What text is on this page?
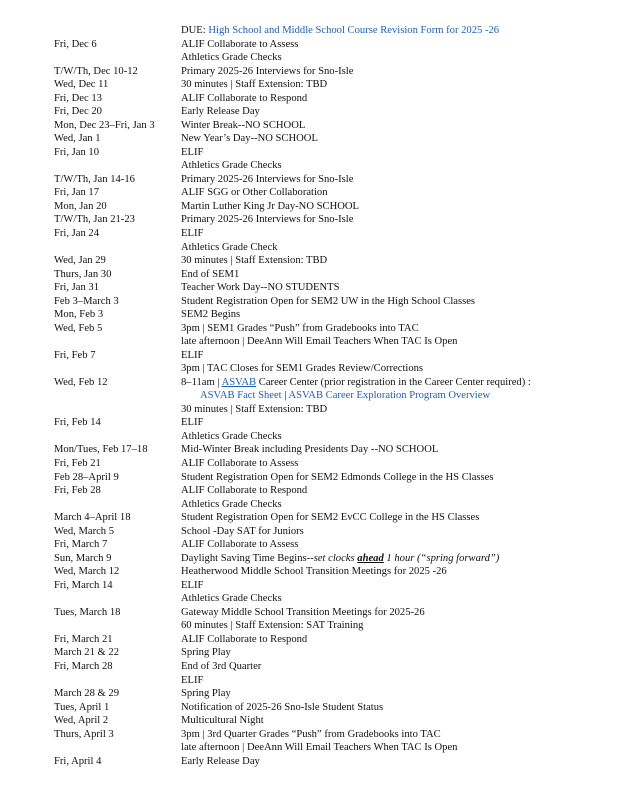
DUE: High School and Middle School Course Revision Form for 2025 -26
Fri, Dec 6	ALIF Collaborate to Assess
Athletics Grade Checks
T/W/Th, Dec 10-12	Primary 2025-26 Interviews for Sno-Isle
Wed, Dec 11	30 minutes | Staff Extension: TBD
Fri, Dec 13	ALIF Collaborate to Respond
Fri, Dec 20	Early Release Day
Mon, Dec 23–Fri, Jan 3 Winter Break--NO SCHOOL
Wed, Jan 1	New Year’s Day--NO SCHOOL
Fri, Jan 10	ELIF
Athletics Grade Checks
T/W/Th, Jan 14-16	Primary 2025-26 Interviews for Sno-Isle
Fri, Jan 17	ALIF SGG or Other Collaboration
Mon, Jan 20	Martin Luther King Jr Day-NO SCHOOL
T/W/Th, Jan 21-23	Primary 2025-26 Interviews for Sno-Isle
Fri, Jan 24	ELIF
Athletics Grade Check
Wed, Jan 29	30 minutes | Staff Extension: TBD
Thurs, Jan 30	End of SEM1
Fri, Jan 31	Teacher Work Day--NO STUDENTS
Feb 3–March 3	Student Registration Open for SEM2 UW in the High School Classes
Mon, Feb 3	SEM2 Begins
Wed, Feb 5	3pm | SEM1 Grades “Push” from Gradebooks into TAC
late afternoon | DeeAnn Will Email Teachers When TAC Is Open
Fri, Feb 7	ELIF
3pm | TAC Closes for SEM1 Grades Review/Corrections
Wed, Feb 12	8–11am | ASVAB Career Center (prior registration in the Career Center required) :
ASVAB Fact Sheet | ASVAB Career Exploration Program Overview
30 minutes | Staff Extension: TBD
Fri, Feb 14	ELIF
Athletics Grade Checks
Mon/Tues, Feb 17–18	Mid-Winter Break including Presidents Day --NO SCHOOL
Fri, Feb 21	ALIF Collaborate to Assess
Feb 28–April 9	Student Registration Open for SEM2 Edmonds College in the HS Classes
Fri, Feb 28	ALIF Collaborate to Respond
Athletics Grade Checks
March 4–April 18	Student Registration Open for SEM2 EvCC College in the HS Classes
Wed, March 5	School -Day SAT for Juniors
Fri, March 7	ALIF Collaborate to Assess
Sun, March 9	Daylight Saving Time Begins--set clocks ahead 1 hour (“spring forward”)
Wed, March 12	Heatherwood Middle School Transition Meetings for 2025 -26
Fri, March 14	ELIF
Athletics Grade Checks
Tues, March 18	Gateway Middle School Transition Meetings for 2025-26
60 minutes | Staff Extension: SAT Training
Fri, March 21	ALIF Collaborate to Respond
March 21 & 22	Spring Play
Fri, March 28	End of 3rd Quarter
ELIF
March 28 & 29	Spring Play
Tues, April 1	Notification of 2025-26 Sno-Isle Student Status
Wed, April 2	Multicultural Night
Thurs, April 3	3pm | 3rd Quarter Grades “Push” from Gradebooks into TAC
late afternoon | DeeAnn Will Email Teachers When TAC Is Open
Fri, April 4	Early Release Day
